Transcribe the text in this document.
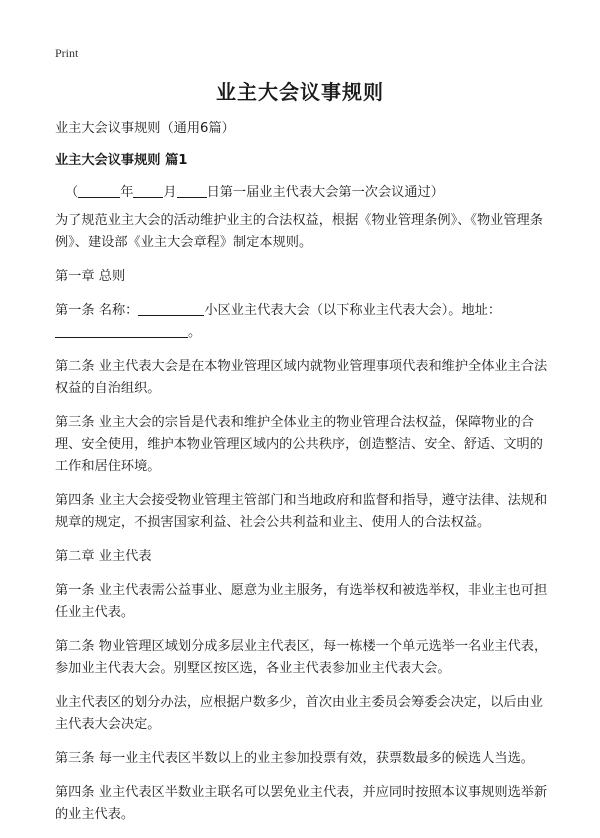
Print
业主大会议事规则

业主大会议事规则（通用6篇）

业主大会议事规则 篇1

（	年 月 日第一届业主代表大会第一次会议通过）

为了规范业主大会的活动维护业主的合法权益，根据《物业管理条例》、《物业管理条例》、建设部《业主大会章程》制定本规则。

第一章 总则

第一条 名称：	小区业主代表大会（以下称业主代表大会）。地址：
。

第二条 业主代表大会是在本物业管理区域内就物业管理事项代表和维护全体业主合法权益的自治组织。

第三条 业主大会的宗旨是代表和维护全体业主的物业管理合法权益，保障物业的合理、安全使用，维护本物业管理区域内的公共秩序，创造整洁、安全、舒适、文明的工作和居住环境。

第四条 业主大会接受物业管理主管部门和当地政府和监督和指导，遵守法律、法规和规章的规定，不损害国家利益、社会公共利益和业主、使用人的合法权益。

第二章 业主代表

第一条 业主代表需公益事业、愿意为业主服务，有选举权和被选举权，非业主也可担任业主代表。

第二条 物业管理区域划分成多层业主代表区，每一栋楼一个单元选举一名业主代表，参加业主代表大会。别墅区按区选，各业主代表参加业主代表大会。

业主代表区的划分办法，应根据户数多少，首次由业主委员会筹委会决定，以后由业主代表大会决定。

第三条 每一业主代表区半数以上的业主参加投票有效，获票数最多的候选人当选。

第四条 业主代表区半数业主联名可以罢免业主代表，并应同时按照本议事规则选举新的业主代表。
